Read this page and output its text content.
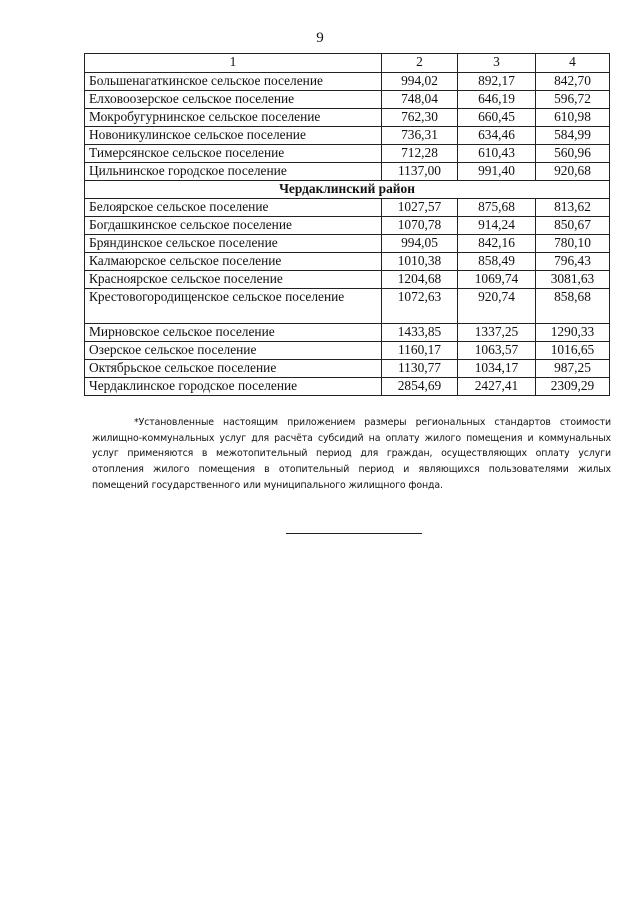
9
1	2	3	4
Большенагаткинское сельское поселение	994,02	892,17	842,70
Елховоозерское сельское поселение	748,04	646,19	596,72
Мокробугурнинское сельское поселение	762,30	660,45	610,98
Новоникулинское сельское поселение	736,31	634,46	584,99
Тимерсянское сельское поселение	712,28	610,43	560,96
Цильнинское городское поселение	1137,00	991,40	920,68
Чердаклинский район			
Белоярское сельское поселение	1027,57	875,68	813,62
Богдашкинское сельское поселение	1070,78	914,24	850,67
Бряндинское сельское поселение	994,05	842,16	780,10
Калмаюрское сельское поселение	1010,38	858,49	796,43
Красноярское сельское поселение	1204,68	1069,74	3081,63
Крестовогородищенское сельское поселение	1072,63	920,74	858,68
Мирновское сельское поселение	1433,85	1337,25	1290,33
Озерское сельское поселение	1160,17	1063,57	1016,65
Октябрьское сельское поселение	1130,77	1034,17	987,25
Чердаклинское городское поселение	2854,69	2427,41	2309,29

*Установленные настоящим приложением размеры региональных стандартов стоимости жилищно-коммунальных услуг для расчёта субсидий на оплату жилого помещения и коммунальных услуг применяются в межотопительный период для граждан, осуществляющих оплату услуги отопления жилого помещения в отопительный период и являющихся пользователями жилых помещений государственного или муниципального жилищного фонда.
